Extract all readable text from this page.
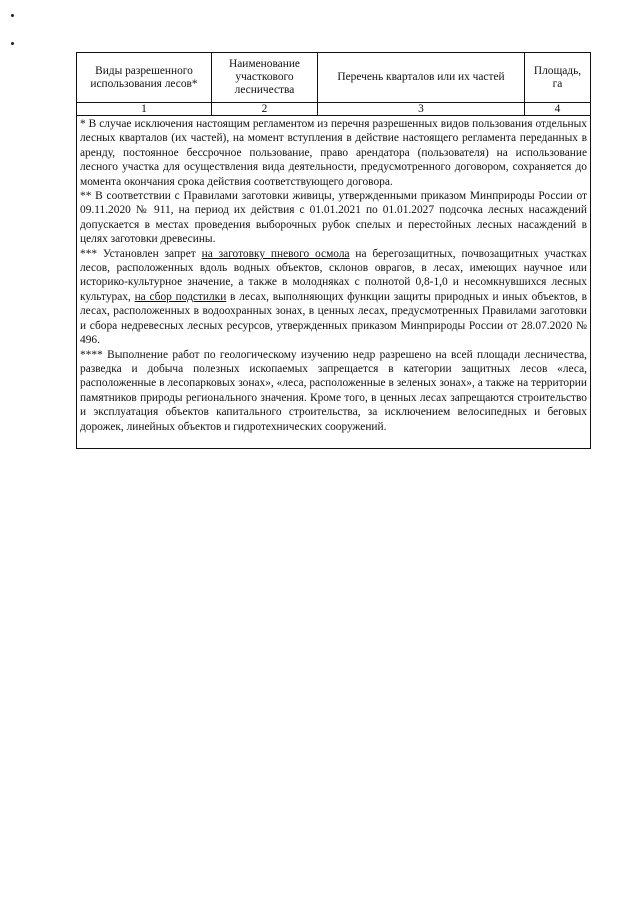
Виды разрешенного использования лесов*	Наименование участкового лесничества	Перечень кварталов или их частей	Площадь, га
1	2	3	4

* В случае исключения настоящим регламентом из перечня разрешенных видов пользования отдельных лесных кварталов (их частей), на момент вступления в действие настоящего регламента переданных в аренду, постоянное бессрочное пользование, право арендатора (пользователя) на использование лесного участка для осуществления вида деятельности, предусмотренного договором, сохраняется до момента окончания срока действия соответствующего договора.

** В соответствии с Правилами заготовки живицы, утвержденными приказом Минприроды России от 09.11.2020 № 911, на период их действия с 01.01.2021 по 01.01.2027 подсочка лесных насаждений допускается в местах проведения выборочных рубок спелых и перестойных лесных насаждений в целях заготовки древесины.

*** Установлен запрет на заготовку пневого осмола на берегозащитных, почвозащитных участках лесов, расположенных вдоль водных объектов, склонов оврагов, в лесах, имеющих научное или историко-культурное значение, а также в молодняках с полнотой 0,8-1,0 и несомкнувшихся лесных культурах, на сбор подстилки в лесах, выполняющих функции защиты природных и иных объектов, в лесах, расположенных в водоохранных зонах, в ценных лесах, предусмотренных Правилами заготовки и сбора недревесных лесных ресурсов, утвержденных приказом Минприроды России от 28.07.2020 № 496.

**** Выполнение работ по геологическому изучению недр разрешено на всей площади лесничества, разведка и добыча полезных ископаемых запрещается в категории защитных лесов «леса, расположенные в лесопарковых зонах», «леса, расположенные в зеленых зонах», а также на территории памятников природы регионального значения. Кроме того, в ценных лесах запрещаются строительство и эксплуатация объектов капитального строительства, за исключением велосипедных и беговых дорожек, линейных объектов и гидротехнических сооружений.			
